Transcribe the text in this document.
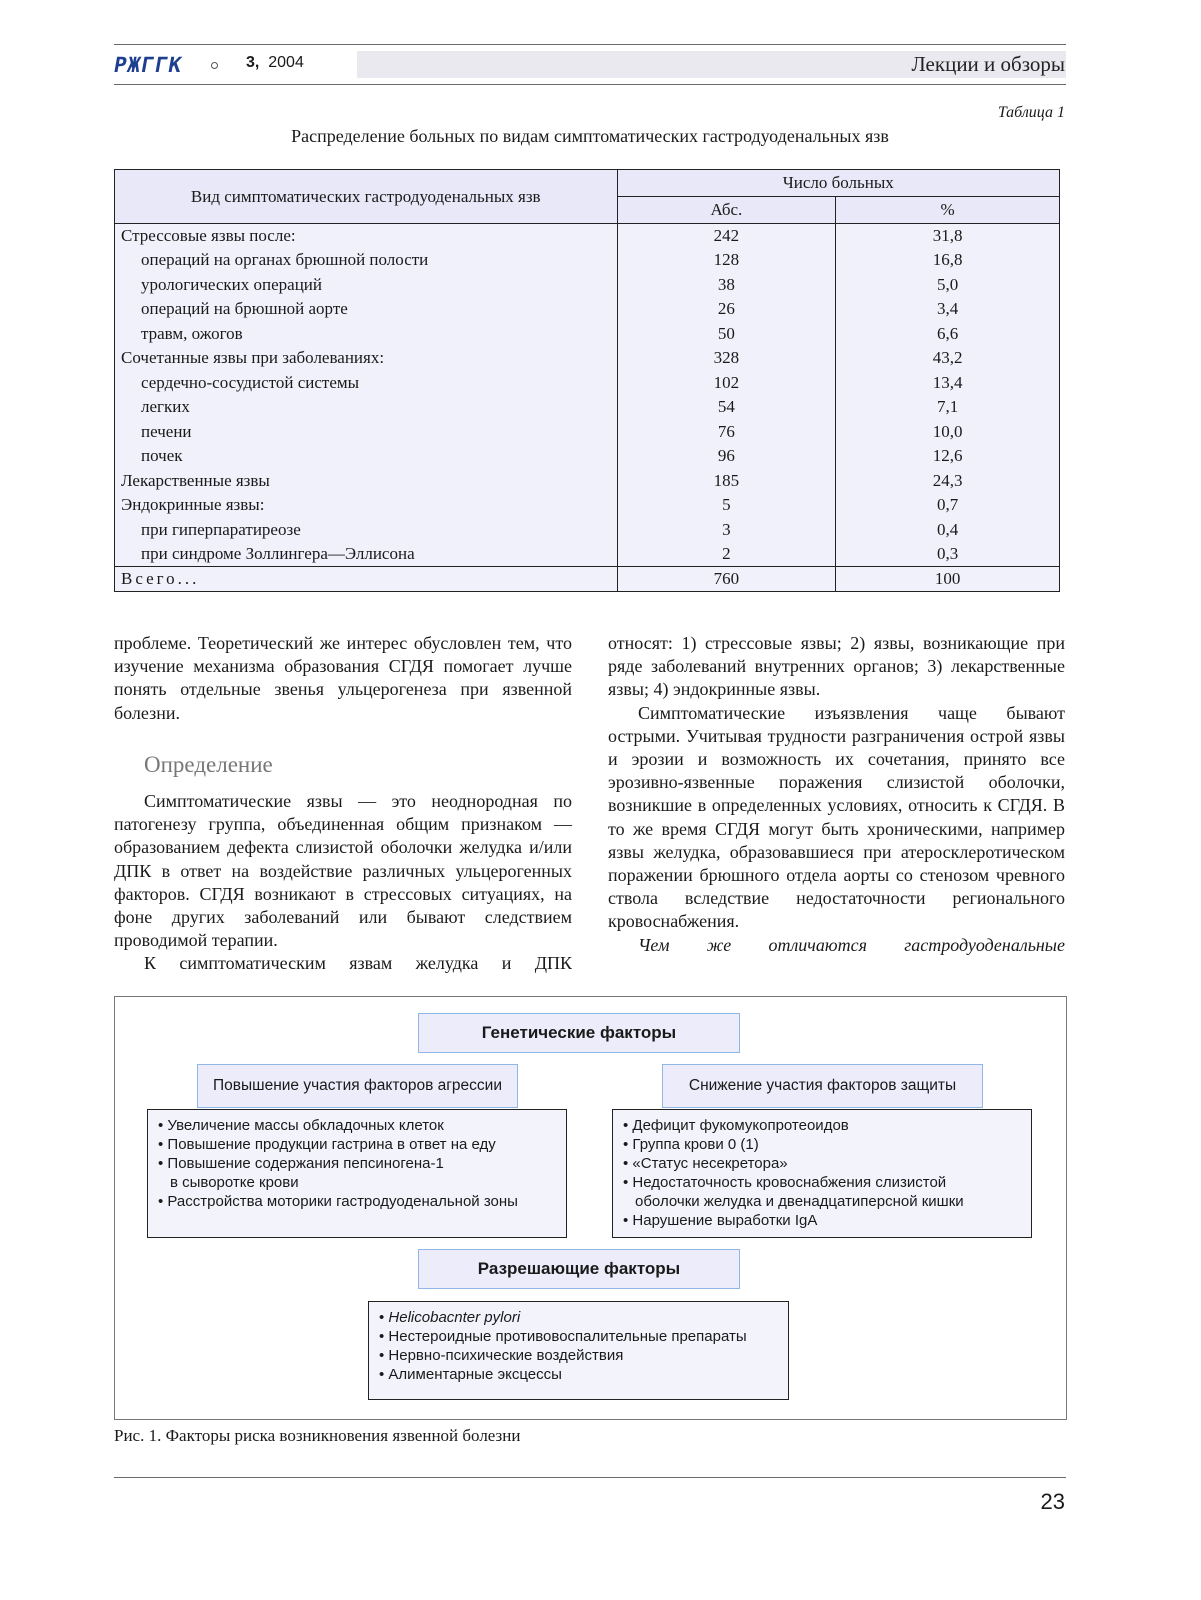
РЖГГК	3, 2004	Лекции и обзоры
Таблица 1
Распределение больных по видам симптоматических гастродуоденальных язв
Вид симптоматических гастродуоденальных язв	Число больных	
	Абс.	%
Стрессовые язвы после:	242	31,8
операций на органах брюшной полости	128	16,8
урологических операций	38	5,0
операций на брюшной аорте	26	3,4
травм, ожогов	50	6,6
Сочетанные язвы при заболеваниях:	328	43,2
сердечно-сосудистой системы	102	13,4
легких	54	7,1
печени	76	10,0
почек	96	12,6
Лекарственные язвы	185	24,3
Эндокринные язвы:	5	0,7
при гиперпаратиреозе	3	0,4
при синдроме Золлингера—Эллисона	2	0,3
Всего...	760	100

проблеме. Теоретический же интерес обусловлен тем, что изучение механизма образования СГДЯ помогает лучше понять отдельные звенья ульцерогенеза при язвенной болезни.

Определение

Симптоматические язвы — это неоднородная по патогенезу группа, объединенная общим признаком — образованием дефекта слизистой оболочки желудка и/или ДПК в ответ на воздействие различных ульцерогенных факторов. СГДЯ возникают в стрессовых ситуациях, на фоне других заболеваний или бывают следствием проводимой терапии.

К симптоматическим язвам желудка и ДПК

относят: 1) стрессовые язвы; 2) язвы, возникающие при ряде заболеваний внутренних органов; 3) лекарственные язвы; 4) эндокринные язвы.

Симптоматические изъязвления чаще бывают острыми. Учитывая трудности разграничения острой язвы и эрозии и возможность их сочетания, принято все эрозивно-язвенные поражения слизистой оболочки, возникшие в определенных условиях, относить к СГДЯ. В то же время СГДЯ могут быть хроническими, например язвы желудка, образовавшиеся при атеросклеротическом поражении брюшного отдела аорты со стенозом чревного ствола вследствие недостаточности регионального кровоснабжения.

Чем же отличаются гастродуоденальные

Генетические факторы
Повышение участия факторов агрессии	Снижение участия факторов защиты
• Увеличение массы обкладочных клеток
• Повышение продукции гастрина в ответ на еду
• Повышение содержания пепсиногена-1
в сыворотке крови
• Расстройства моторики гастродуоденальной зоны
• Дефицит фукомукопротеоидов
• Группа крови 0 (1)
• «Статус несекретора»
• Недостаточность кровоснабжения слизистой
оболочки желудка и двенадцатиперсной кишки
• Нарушение выработки IgA
Разрешающие факторы
• Helicobacnter pylori
• Нестероидные противовоспалительные препараты
• Нервно-психические воздействия
• Алиментарные эксцессы
Рис. 1. Факторы риска возникновения язвенной болезни
23
